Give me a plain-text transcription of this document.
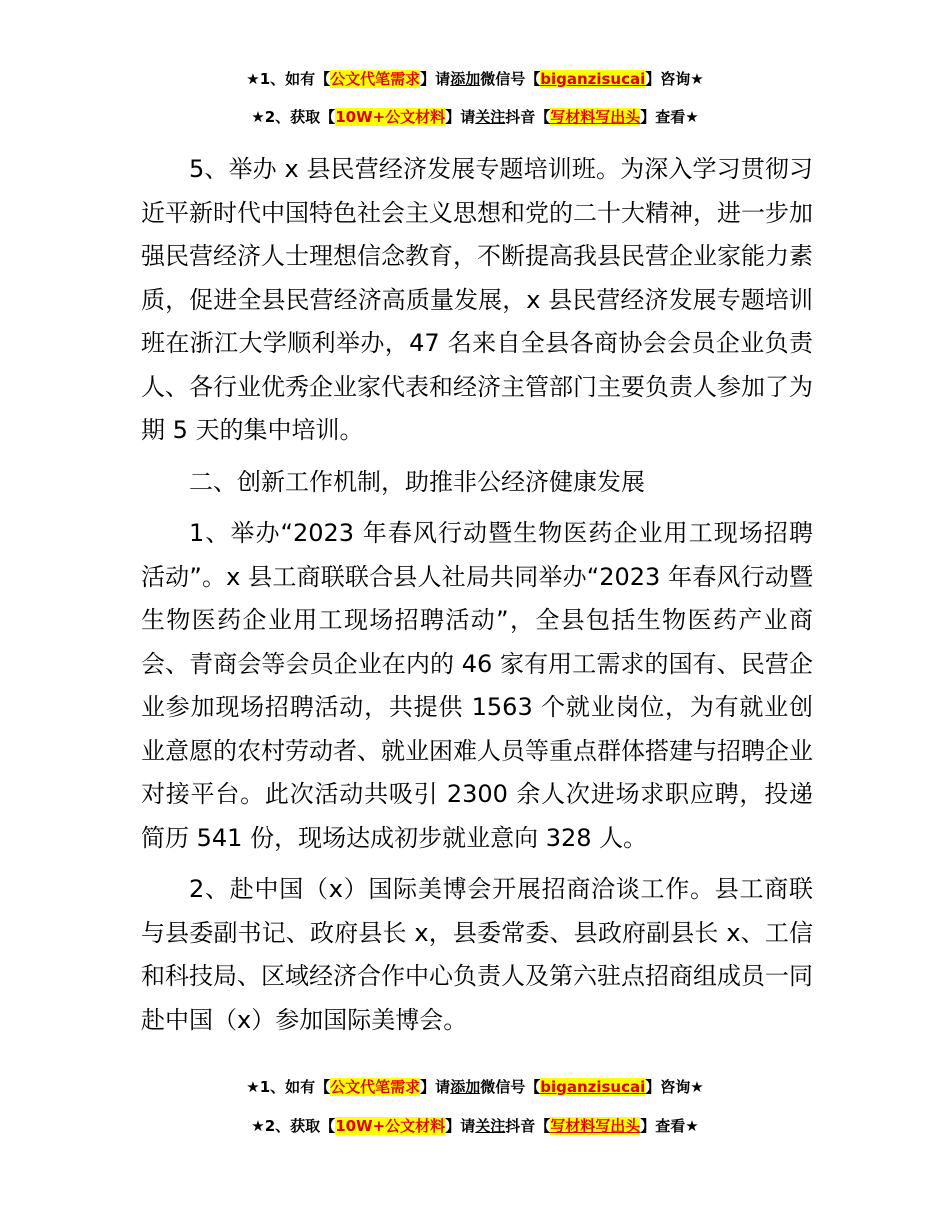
★1、如有【公文代笔需求】请添加微信号【biganzisucai】咨询★
★2、获取【10W+公文材料】请关注抖音【写材料写出头】查看★

5、举办 x 县民营经济发展专题培训班。为深入学习贯彻习近平新时代中国特色社会主义思想和党的二十大精神，进一步加强民营经济人士理想信念教育，不断提高我县民营企业家能力素质，促进全县民营经济高质量发展，x 县民营经济发展专题培训班在浙江大学顺利举办，47 名来自全县各商协会会员企业负责人、各行业优秀企业家代表和经济主管部门主要负责人参加了为期 5 天的集中培训。

二、创新工作机制，助推非公经济健康发展

1、举办“2023 年春风行动暨生物医药企业用工现场招聘活动”。x 县工商联联合县人社局共同举办“2023 年春风行动暨生物医药企业用工现场招聘活动”，全县包括生物医药产业商会、青商会等会员企业在内的 46 家有用工需求的国有、民营企业参加现场招聘活动，共提供 1563 个就业岗位，为有就业创业意愿的农村劳动者、就业困难人员等重点群体搭建与招聘企业对接平台。此次活动共吸引 2300 余人次进场求职应聘，投递简历 541 份，现场达成初步就业意向 328 人。

2、赴中国（x）国际美博会开展招商洽谈工作。县工商联与县委副书记、政府县长 x，县委常委、县政府副县长 x、工信和科技局、区域经济合作中心负责人及第六驻点招商组成员一同赴中国（x）参加国际美博会。

★1、如有【公文代笔需求】请添加微信号【biganzisucai】咨询★
★2、获取【10W+公文材料】请关注抖音【写材料写出头】查看★
